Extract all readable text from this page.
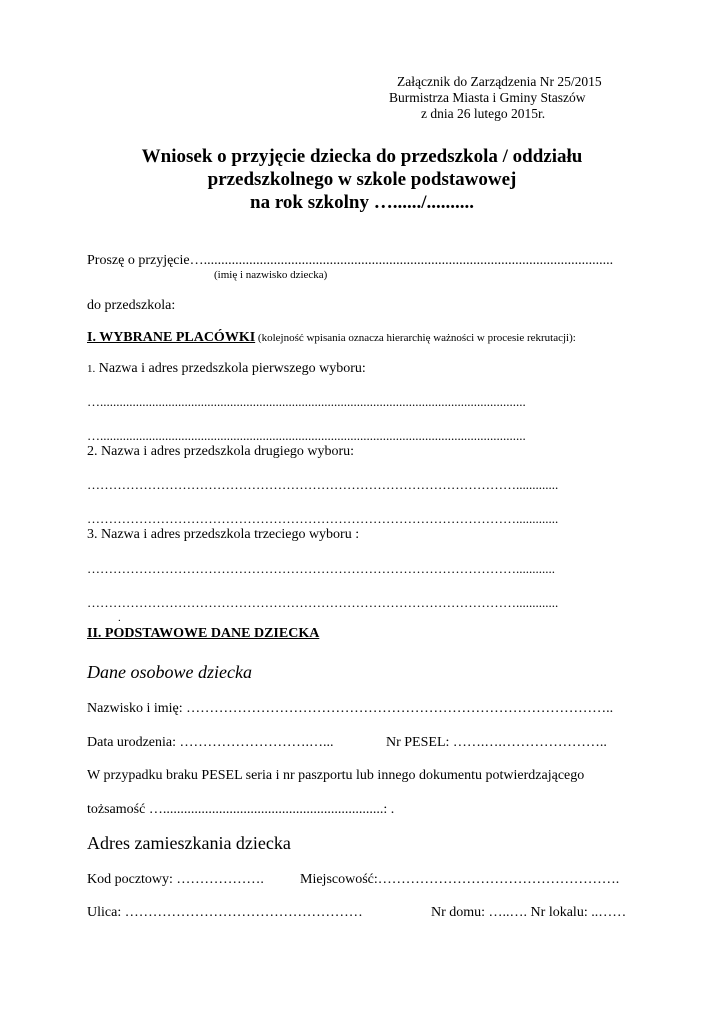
Załącznik do Zarządzenia Nr 25/2015
Burmistrza Miasta i Gminy Staszów
z dnia 26 lutego 2015r.
Wniosek o przyjęcie dziecka do przedszkola / oddziału
przedszkolnego w szkole podstawowej
na rok szkolny …....../..........
Proszę o przyjęcie….....................................................................................................................
(imię i nazwisko dziecka)
do przedszkola:
I. WYBRANE PLACÓWKI (kolejność wpisania oznacza hierarchię ważności w procesie rekrutacji):
1. Nazwa i adres przedszkola pierwszego wyboru:
…...................................................................................................................................
…...................................................................................................................................
2. Nazwa i adres przedszkola drugiego wyboru:
……………………………………………………………………………………….............
……………………………………………………………………………………….............
3. Nazwa i adres przedszkola trzeciego wyboru :
………………………………………………………………………………………............
……………………………………………………………………………………….............
.
II. PODSTAWOWE DANE DZIECKA
Dane osobowe dziecka
Nazwisko i imię: ………………………………………………………………………………..
Data urodzenia: ……………………….…...	Nr PESEL: …….….…………………..
W przypadku braku PESEL seria i nr paszportu lub innego dokumentu potwierdzającego
tożsamość …...............................................................: .
Adres zamieszkania dziecka
Kod pocztowy: ……………….	Miejscowość:…………………………………………….
Ulica: ……………………………………………	Nr domu: …..…. Nr lokalu: ..……
